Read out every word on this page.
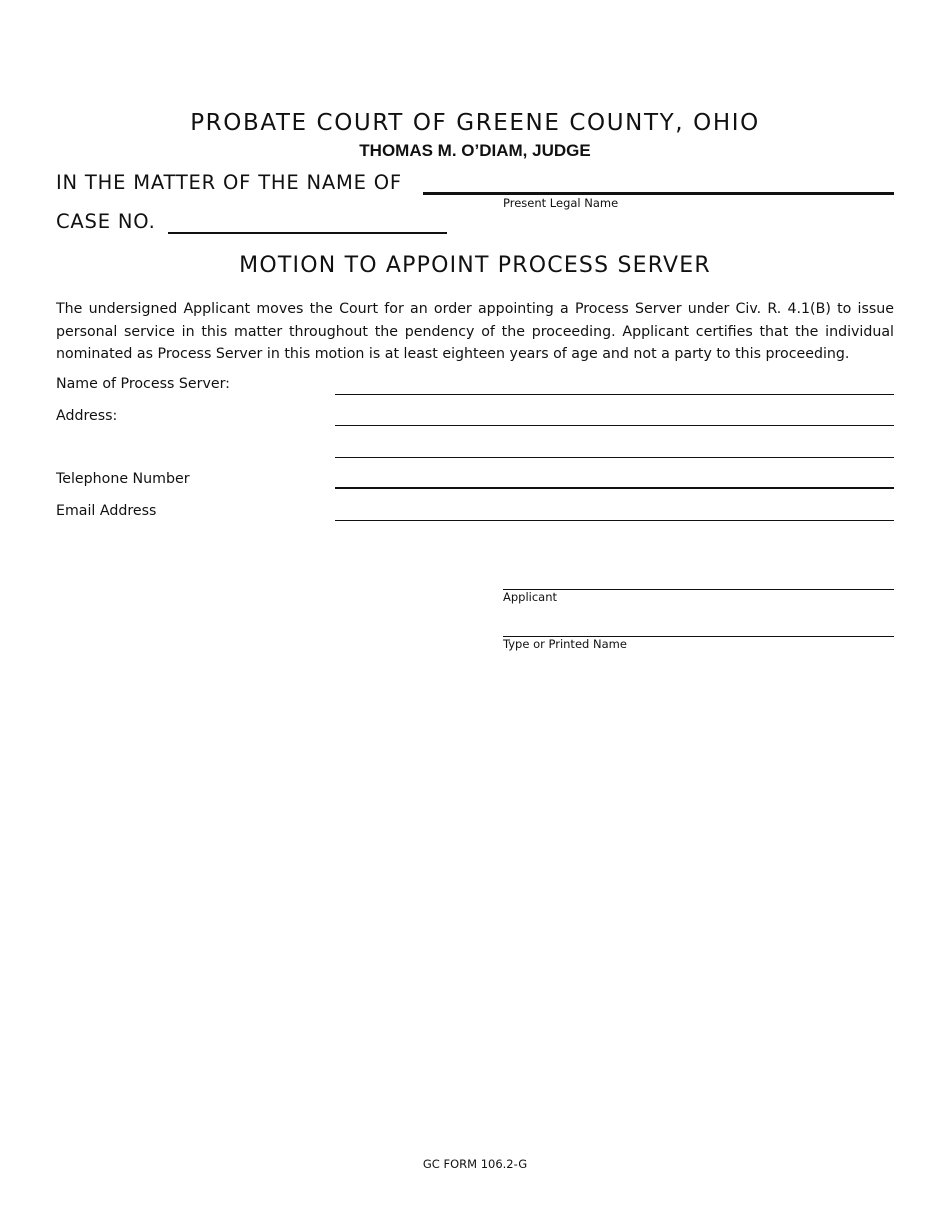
PROBATE COURT OF GREENE COUNTY, OHIO
THOMAS M. O’DIAM, JUDGE
IN THE MATTER OF THE NAME OF
Present Legal Name
CASE NO.
MOTION TO APPOINT PROCESS SERVER
The undersigned Applicant moves the Court for an order appointing a Process Server under Civ. R. 4.1(B) to issue personal service in this matter throughout the pendency of the proceeding. Applicant certifies that the individual nominated as Process Server in this motion is at least eighteen years of age and not a party to this proceeding.
Name of Process Server:
Address:
Telephone Number
Email Address
Applicant
Type or Printed Name
GC FORM 106.2-G
